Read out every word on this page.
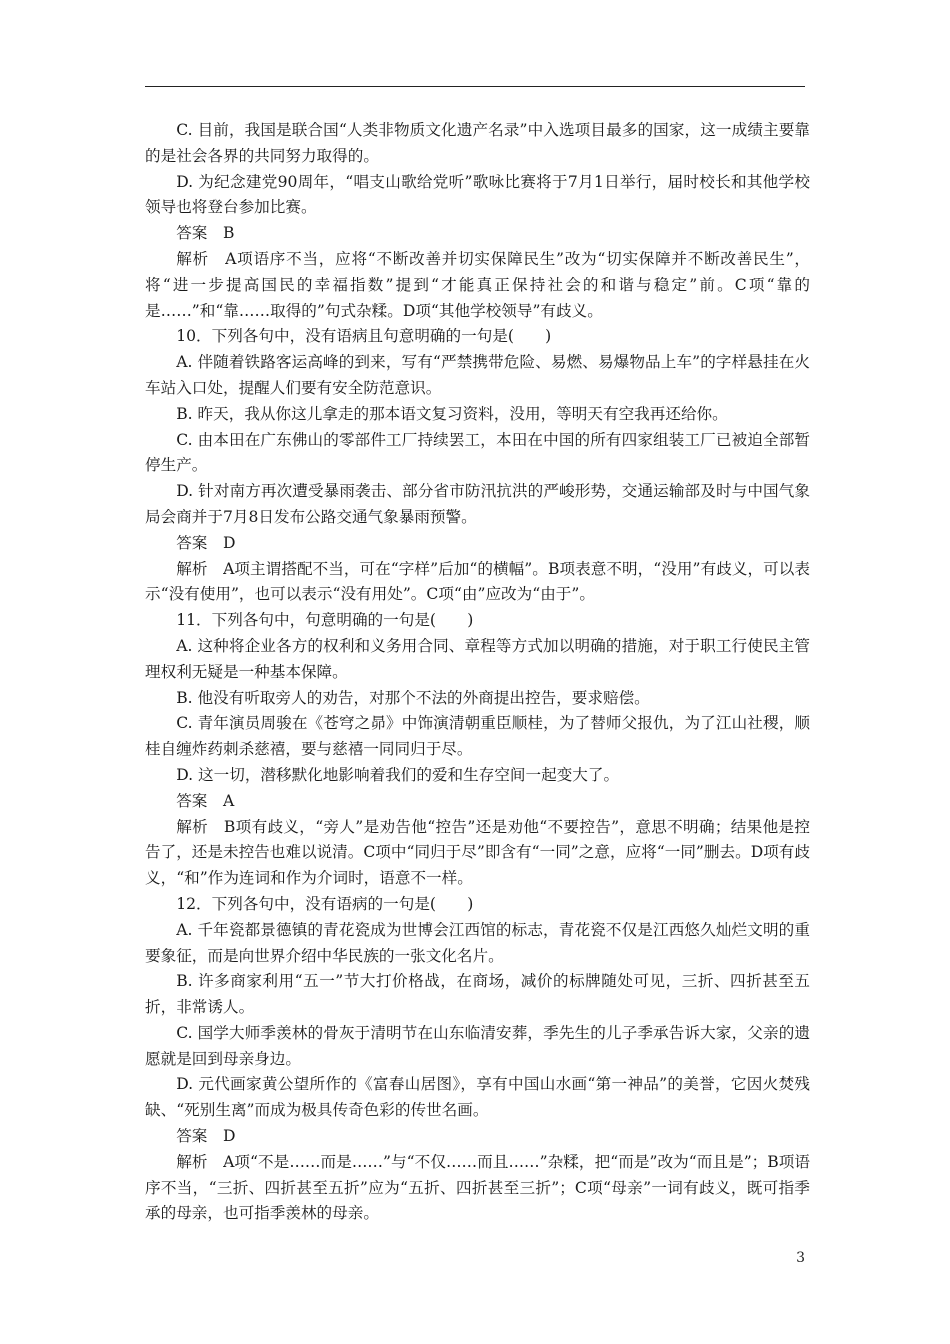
C. 目前，我国是联合国“人类非物质文化遗产名录”中入选项目最多的国家，这一成绩主要靠的是社会各界的共同努力取得的。

D. 为纪念建党90周年，“唱支山歌给党听”歌咏比赛将于7月1日举行，届时校长和其他学校领导也将登台参加比赛。

答案　B

解析　A项语序不当，应将“不断改善并切实保障民生”改为“切实保障并不断改善民生”，将“进一步提高国民的幸福指数”提到“才能真正保持社会的和谐与稳定”前。C项“靠的是……”和“靠……取得的”句式杂糅。D项“其他学校领导”有歧义。

10．下列各句中，没有语病且句意明确的一句是(　　)

A. 伴随着铁路客运高峰的到来，写有“严禁携带危险、易燃、易爆物品上车”的字样悬挂在火车站入口处，提醒人们要有安全防范意识。

B. 昨天，我从你这儿拿走的那本语文复习资料，没用，等明天有空我再还给你。

C. 由本田在广东佛山的零部件工厂持续罢工，本田在中国的所有四家组装工厂已被迫全部暂停生产。

D. 针对南方再次遭受暴雨袭击、部分省市防汛抗洪的严峻形势，交通运输部及时与中国气象局会商并于7月8日发布公路交通气象暴雨预警。

答案　D

解析　A项主谓搭配不当，可在“字样”后加“的横幅”。B项表意不明，“没用”有歧义，可以表示“没有使用”，也可以表示“没有用处”。C项“由”应改为“由于”。

11．下列各句中，句意明确的一句是(　　)

A. 这种将企业各方的权利和义务用合同、章程等方式加以明确的措施，对于职工行使民主管理权利无疑是一种基本保障。

B. 他没有听取旁人的劝告，对那个不法的外商提出控告，要求赔偿。

C. 青年演员周骏在《苍穹之昴》中饰演清朝重臣顺桂，为了替师父报仇，为了江山社稷，顺桂自缠炸药刺杀慈禧，要与慈禧一同同归于尽。

D. 这一切，潜移默化地影响着我们的爱和生存空间一起变大了。

答案　A

解析　B项有歧义，“旁人”是劝告他“控告”还是劝他“不要控告”，意思不明确；结果他是控告了，还是未控告也难以说清。C项中“同归于尽”即含有“一同”之意，应将“一同”删去。D项有歧义，“和”作为连词和作为介词时，语意不一样。

12．下列各句中，没有语病的一句是(　　)

A. 千年瓷都景德镇的青花瓷成为世博会江西馆的标志，青花瓷不仅是江西悠久灿烂文明的重要象征，而是向世界介绍中华民族的一张文化名片。

B. 许多商家利用“五一”节大打价格战，在商场，减价的标牌随处可见，三折、四折甚至五折，非常诱人。

C. 国学大师季羡林的骨灰于清明节在山东临清安葬，季先生的儿子季承告诉大家，父亲的遗愿就是回到母亲身边。

D. 元代画家黄公望所作的《富春山居图》，享有中国山水画“第一神品”的美誉，它因火焚残缺、“死别生离”而成为极具传奇色彩的传世名画。

答案　D

解析　A项“不是……而是……”与“不仅……而且……”杂糅，把“而是”改为“而且是”；B项语序不当，“三折、四折甚至五折”应为“五折、四折甚至三折”；C项“母亲”一词有歧义，既可指季承的母亲，也可指季羡林的母亲。

3
